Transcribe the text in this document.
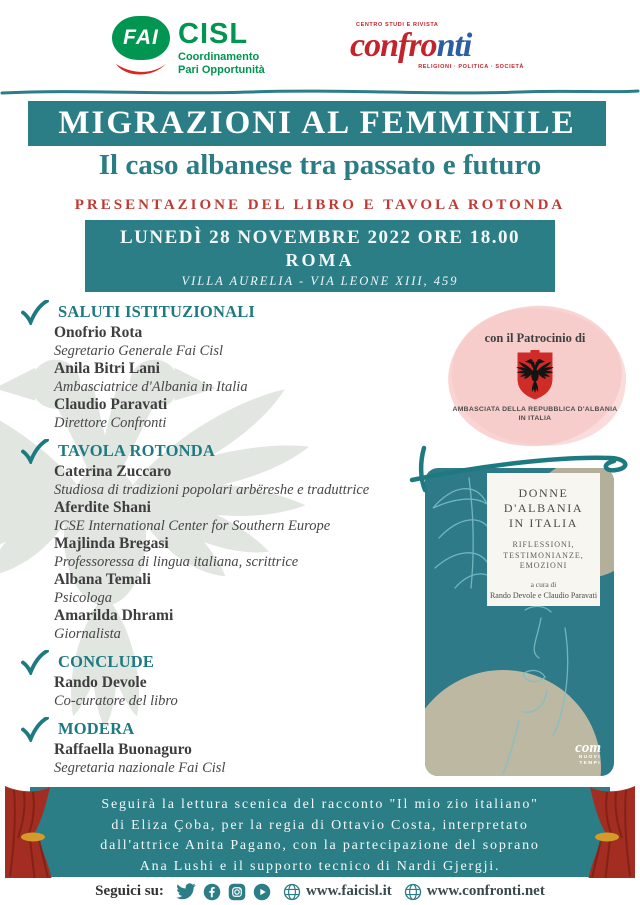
FAI CISL
Coordinamento
Pari Opportunità
CENTRO STUDI E RIVISTA
confronti
RELIGIONI · POLITICA · SOCIETÀ
MIGRAZIONI AL FEMMINILE
Il caso albanese tra passato e futuro
PRESENTAZIONE DEL LIBRO E TAVOLA ROTONDA
LUNEDÌ 28 NOVEMBRE 2022 ORE 18.00
ROMA
VILLA AURELIA - VIA LEONE XIII, 459
SALUTI ISTITUZIONALI
Onofrio Rota
Segretario Generale Fai Cisl
Anila Bitri Lani
Ambasciatrice d'Albania in Italia
Claudio Paravati
Direttore Confronti
TAVOLA ROTONDA
Caterina Zuccaro
Studiosa di tradizioni popolari arbëreshe e traduttrice
Aferdite Shani
ICSE International Center for Southern Europe
Majlinda Bregasi
Professoressa di lingua italiana, scrittrice
Albana Temali
Psicologa
Amarilda Dhrami
Giornalista
CONCLUDE
Rando Devole
Co-curatore del libro
MODERA
Raffaella Buonaguro
Segretaria nazionale Fai Cisl
con il Patrocinio di
AMBASCIATA DELLA REPUBBLICA D'ALBANIA
IN ITALIA
DONNE
D'ALBANIA
IN ITALIA
RIFLESSIONI,
TESTIMONIANZE,
EMOZIONI
a cura di
Rando Devole e Claudio Paravati
com
NUOVI
TEMPI
Seguirà la lettura scenica del racconto "Il mio zio italiano"
di Eliza Çoba, per la regia di Ottavio Costa, interpretato
dall'attrice Anita Pagano, con la partecipazione del soprano
Ana Lushi e il supporto tecnico di Nardi Gjergji.
Seguici su:	www.faicisl.it www.confronti.net
